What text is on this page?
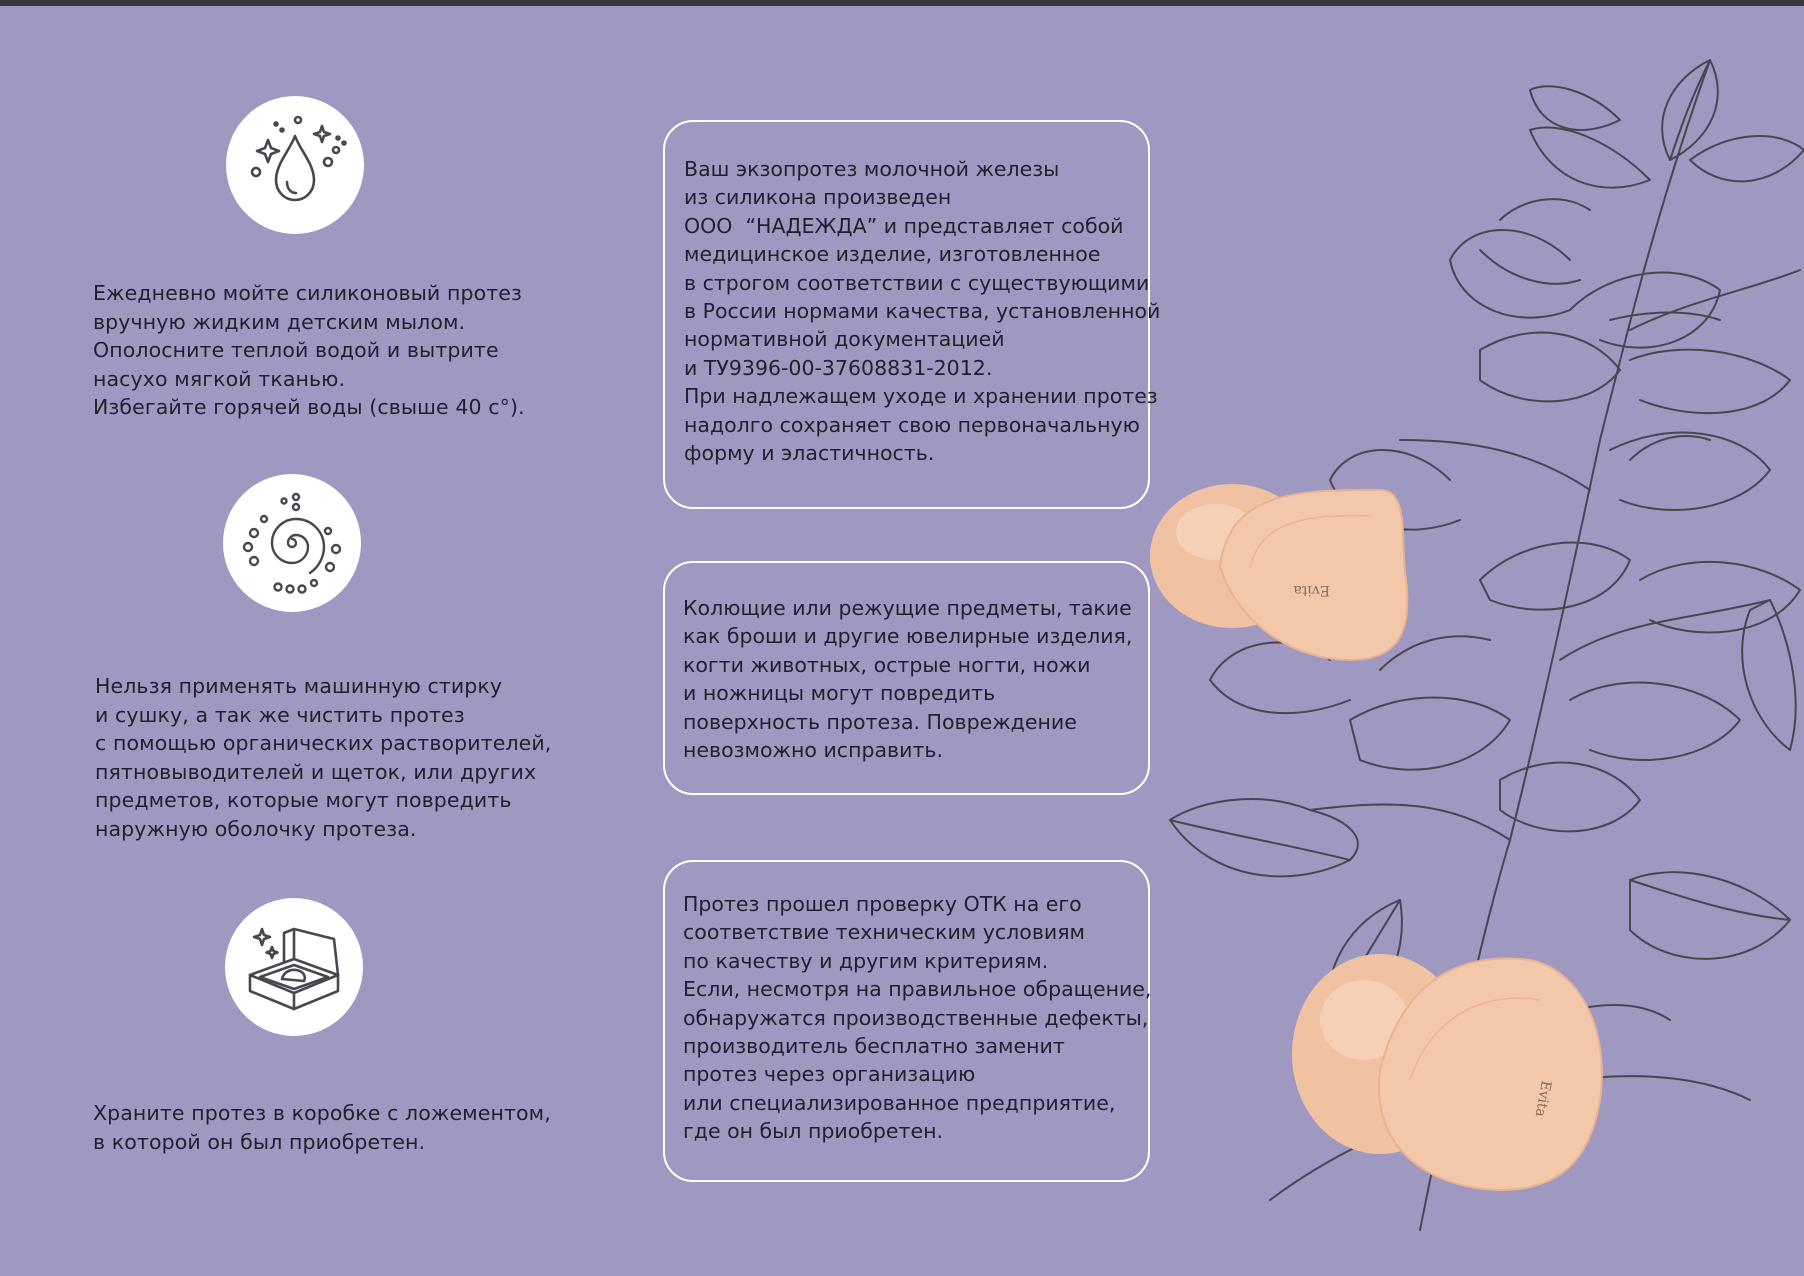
Ежедневно мойте силиконовый протез
вручную жидким детским мылом.
Ополосните теплой водой и вытрите
насухо мягкой тканью.
Избегайте горячей воды (свыше 40 с°).
Нельзя применять машинную стирку
и сушку, а так же чистить протез
с помощью органических растворителей,
пятновыводителей и щеток, или других
предметов, которые могут повредить
наружную оболочку протеза.
Храните протез в коробке с ложементом,
в которой он был приобретен.
Ваш экзопротез молочной железы
из силикона произведен
ООО  “НАДЕЖДА” и представляет собой
медицинское изделие, изготовленное
в строгом соответствии с существующими
в России нормами качества, установленной
нормативной документацией
и ТУ9396-00-37608831-2012.
При надлежащем уходе и хранении протез
надолго сохраняет свою первоначальную
форму и эластичность.
Колющие или режущие предметы, такие
как броши и другие ювелирные изделия,
когти животных, острые ногти, ножи
и ножницы могут повредить
поверхность протеза. Повреждение
невозможно исправить.
Протез прошел проверку ОТК на его
соответствие техническим условиям
по качеству и другим критериям.
Если, несмотря на правильное обращение,
обнаружатся производственные дефекты,
производитель бесплатно заменит
протез через организацию
или специализированное предприятие,
где он был приобретен.
Evita
Evita
